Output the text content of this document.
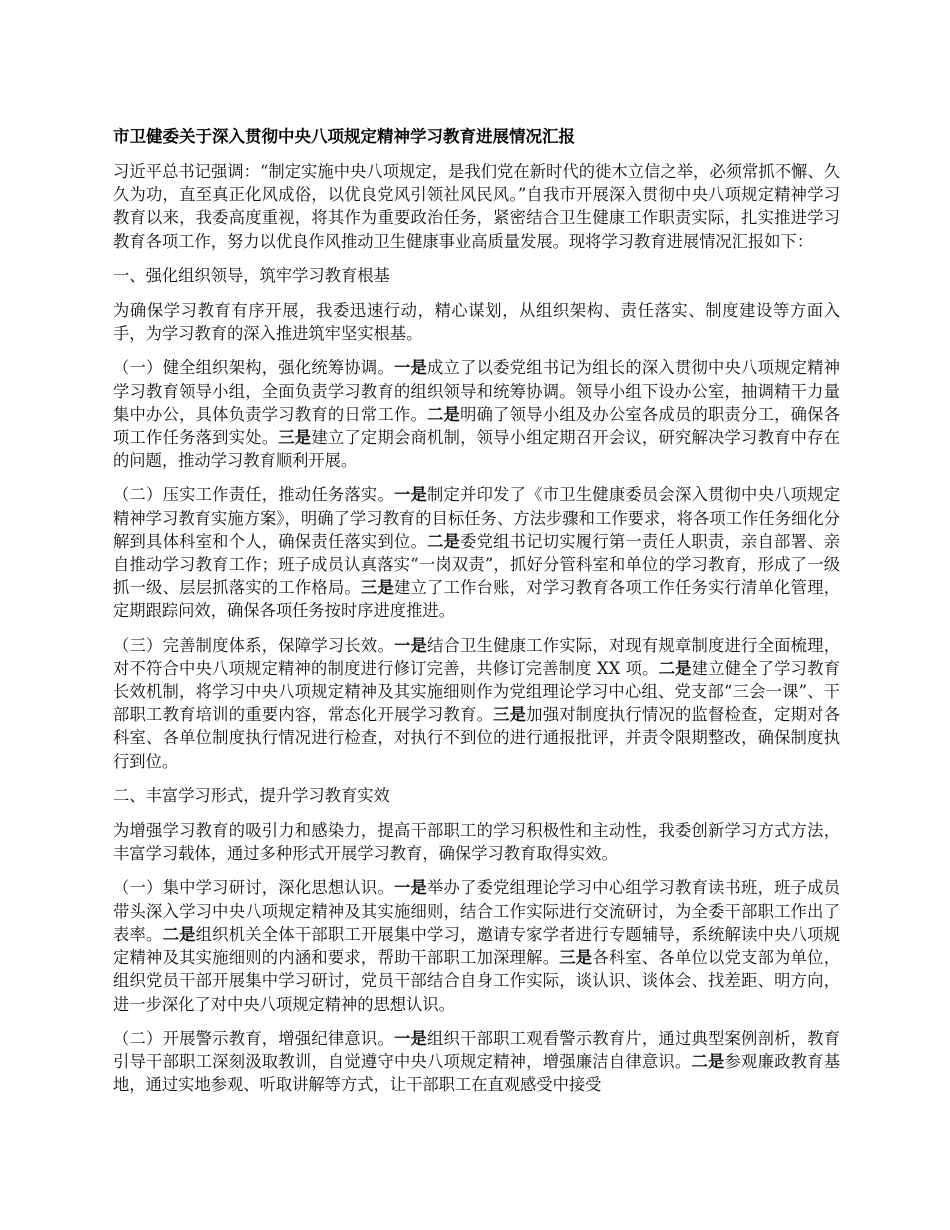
市卫健委关于深入贯彻中央八项规定精神学习教育进展情况汇报

习近平总书记强调：“制定实施中央八项规定，是我们党在新时代的徙木立信之举，必须常抓不懈、久久为功，直至真正化风成俗，以优良党风引领社风民风。”自我市开展深入贯彻中央八项规定精神学习教育以来，我委高度重视，将其作为重要政治任务，紧密结合卫生健康工作职责实际，扎实推进学习教育各项工作，努力以优良作风推动卫生健康事业高质量发展。现将学习教育进展情况汇报如下：

一、强化组织领导，筑牢学习教育根基

为确保学习教育有序开展，我委迅速行动，精心谋划，从组织架构、责任落实、制度建设等方面入手，为学习教育的深入推进筑牢坚实根基。

（一）健全组织架构，强化统筹协调。一是成立了以委党组书记为组长的深入贯彻中央八项规定精神学习教育领导小组，全面负责学习教育的组织领导和统筹协调。领导小组下设办公室，抽调精干力量集中办公，具体负责学习教育的日常工作。二是明确了领导小组及办公室各成员的职责分工，确保各项工作任务落到实处。三是建立了定期会商机制，领导小组定期召开会议，研究解决学习教育中存在的问题，推动学习教育顺利开展。

（二）压实工作责任，推动任务落实。一是制定并印发了《市卫生健康委员会深入贯彻中央八项规定精神学习教育实施方案》，明确了学习教育的目标任务、方法步骤和工作要求，将各项工作任务细化分解到具体科室和个人，确保责任落实到位。二是委党组书记切实履行第一责任人职责，亲自部署、亲自推动学习教育工作；班子成员认真落实“一岗双责”，抓好分管科室和单位的学习教育，形成了一级抓一级、层层抓落实的工作格局。三是建立了工作台账，对学习教育各项工作任务实行清单化管理，定期跟踪问效，确保各项任务按时序进度推进。

（三）完善制度体系，保障学习长效。一是结合卫生健康工作实际，对现有规章制度进行全面梳理，对不符合中央八项规定精神的制度进行修订完善，共修订完善制度 XX 项。二是建立健全了学习教育长效机制，将学习中央八项规定精神及其实施细则作为党组理论学习中心组、党支部“三会一课”、干部职工教育培训的重要内容，常态化开展学习教育。三是加强对制度执行情况的监督检查，定期对各科室、各单位制度执行情况进行检查，对执行不到位的进行通报批评，并责令限期整改，确保制度执行到位。

二、丰富学习形式，提升学习教育实效

为增强学习教育的吸引力和感染力，提高干部职工的学习积极性和主动性，我委创新学习方式方法，丰富学习载体，通过多种形式开展学习教育，确保学习教育取得实效。

（一）集中学习研讨，深化思想认识。一是举办了委党组理论学习中心组学习教育读书班，班子成员带头深入学习中央八项规定精神及其实施细则，结合工作实际进行交流研讨，为全委干部职工作出了表率。二是组织机关全体干部职工开展集中学习，邀请专家学者进行专题辅导，系统解读中央八项规定精神及其实施细则的内涵和要求，帮助干部职工加深理解。三是各科室、各单位以党支部为单位，组织党员干部开展集中学习研讨，党员干部结合自身工作实际，谈认识、谈体会、找差距、明方向，进一步深化了对中央八项规定精神的思想认识。

（二）开展警示教育，增强纪律意识。一是组织干部职工观看警示教育片，通过典型案例剖析，教育引导干部职工深刻汲取教训，自觉遵守中央八项规定精神，增强廉洁自律意识。二是参观廉政教育基地，通过实地参观、听取讲解等方式，让干部职工在直观感受中接受
